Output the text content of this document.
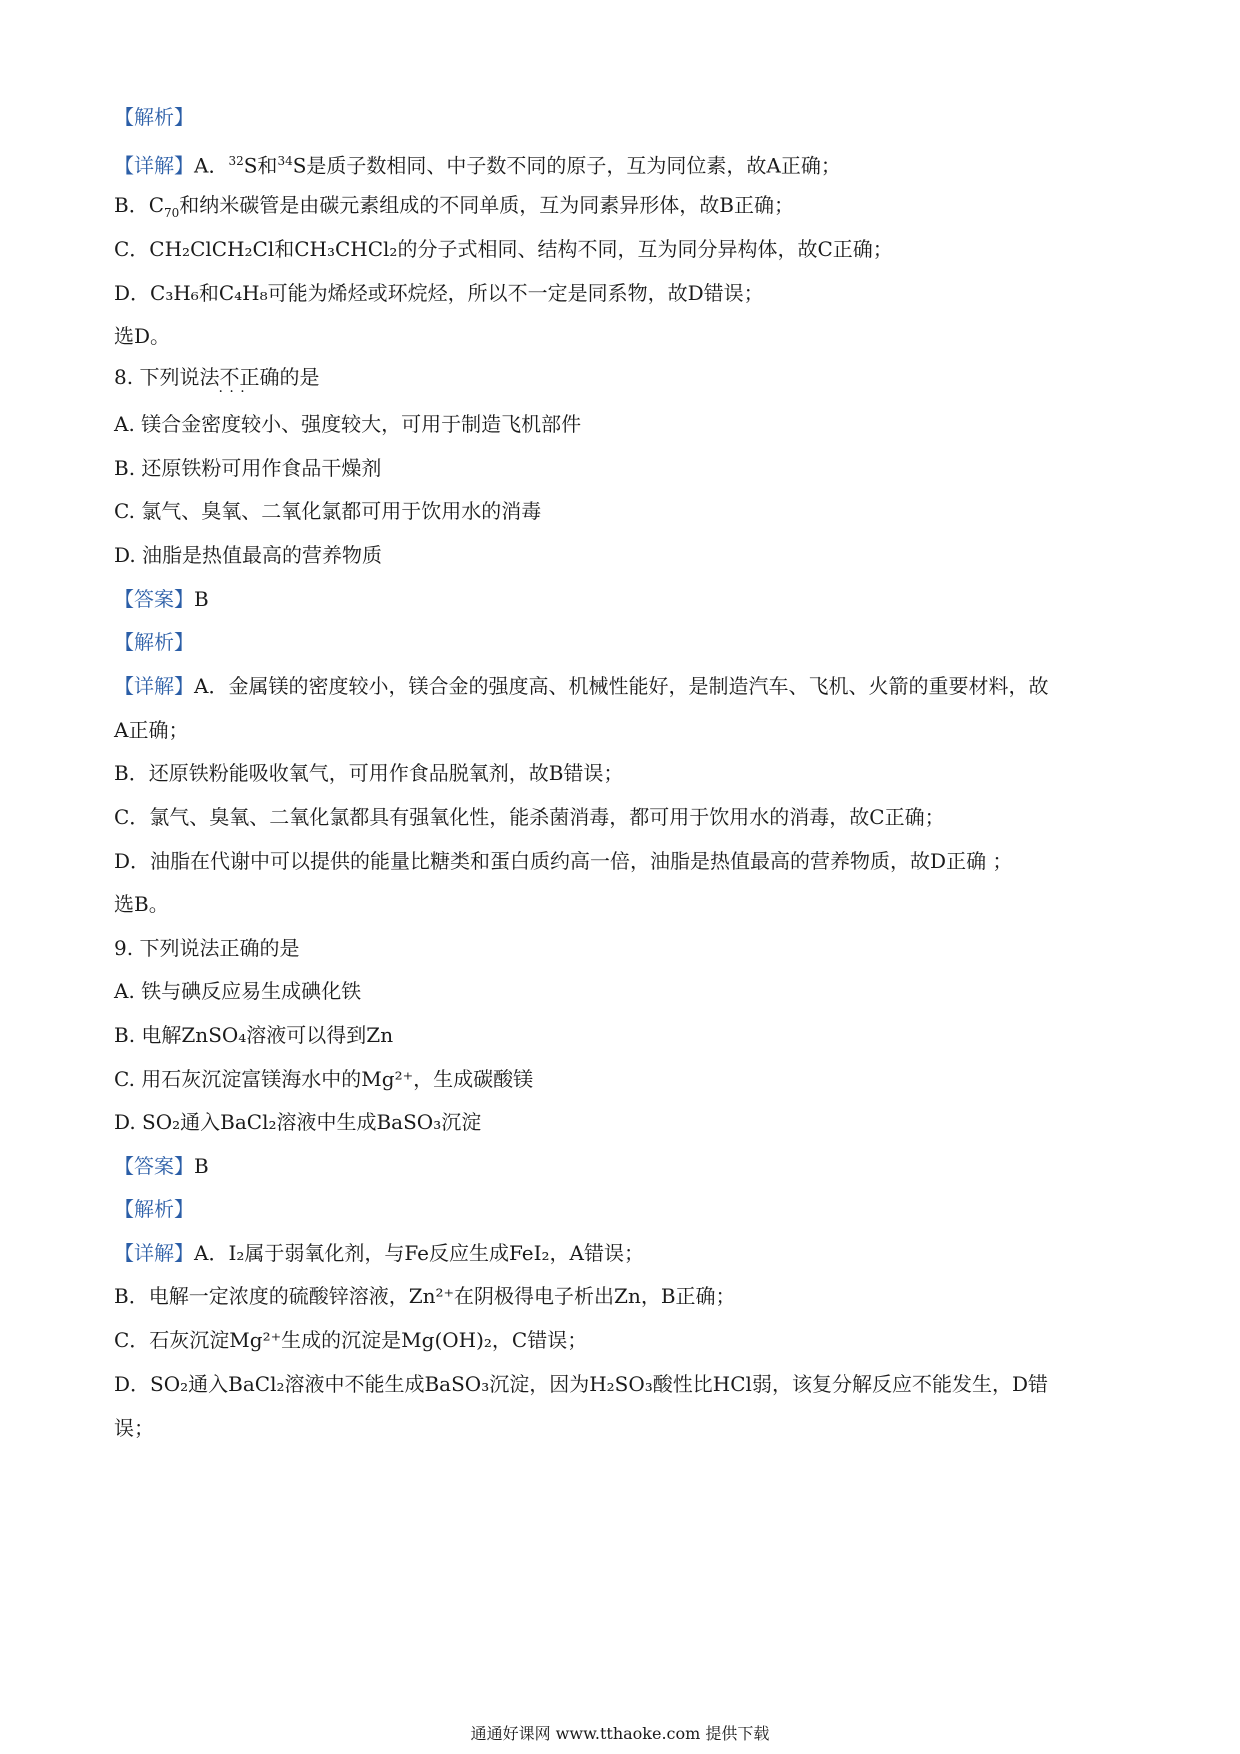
【解析】
【详解】A．$^{32}$S和$^{34}$S是质子数相同、中子数不同的原子，互为同位素，故A正确；
B．$C_{70}$和纳米碳管是由碳元素组成的不同单质，互为同素异形体，故B正确；
C．CH₂ClCH₂Cl和CH₃CHCl₂的分子式相同、结构不同，互为同分异构体，故C正确；
D．C₃H₆和C₄H₈可能为烯烃或环烷烃，所以不一定是同系物，故D错误；
选D。
8. 下列说法不正确 · ·的是
A. 镁合金密度较小、强度较大，可用于制造飞机部件
B. 还原铁粉可用作食品干燥剂
C. 氯气、臭氧、二氧化氯都可用于饮用水的消毒
D. 油脂是热值最高的营养物质
【答案】B
【解析】
【详解】A．金属镁的密度较小，镁合金的强度高、机械性能好，是制造汽车、飞机、火箭的重要材料，故
A正确；
B．还原铁粉能吸收氧气，可用作食品脱氧剂，故B错误；
C．氯气、臭氧、二氧化氯都具有强氧化性，能杀菌消毒，都可用于饮用水的消毒，故C正确；
D．油脂在代谢中可以提供的能量比糖类和蛋白质约高一倍，油脂是热值最高的营养物质，故D正确 ；
选B。
9. 下列说法正确的是
A. 铁与碘反应易生成碘化铁
B. 电解ZnSO₄溶液可以得到Zn
C. 用石灰沉淀富镁海水中的Mg²⁺，生成碳酸镁
D. SO₂通入BaCl₂溶液中生成BaSO₃沉淀
【答案】B
【解析】
【详解】A．I₂属于弱氧化剂，与Fe反应生成FeI₂，A错误；
B．电解一定浓度的硫酸锌溶液，Zn²⁺在阴极得电子析出Zn，B正确；
C．石灰沉淀Mg²⁺生成的沉淀是Mg(OH)₂，C错误；
D．SO₂通入BaCl₂溶液中不能生成BaSO₃沉淀，因为H₂SO₃酸性比HCl弱，该复分解反应不能发生，D错
误；
通通好课网 www.tthaoke.com 提供下载
